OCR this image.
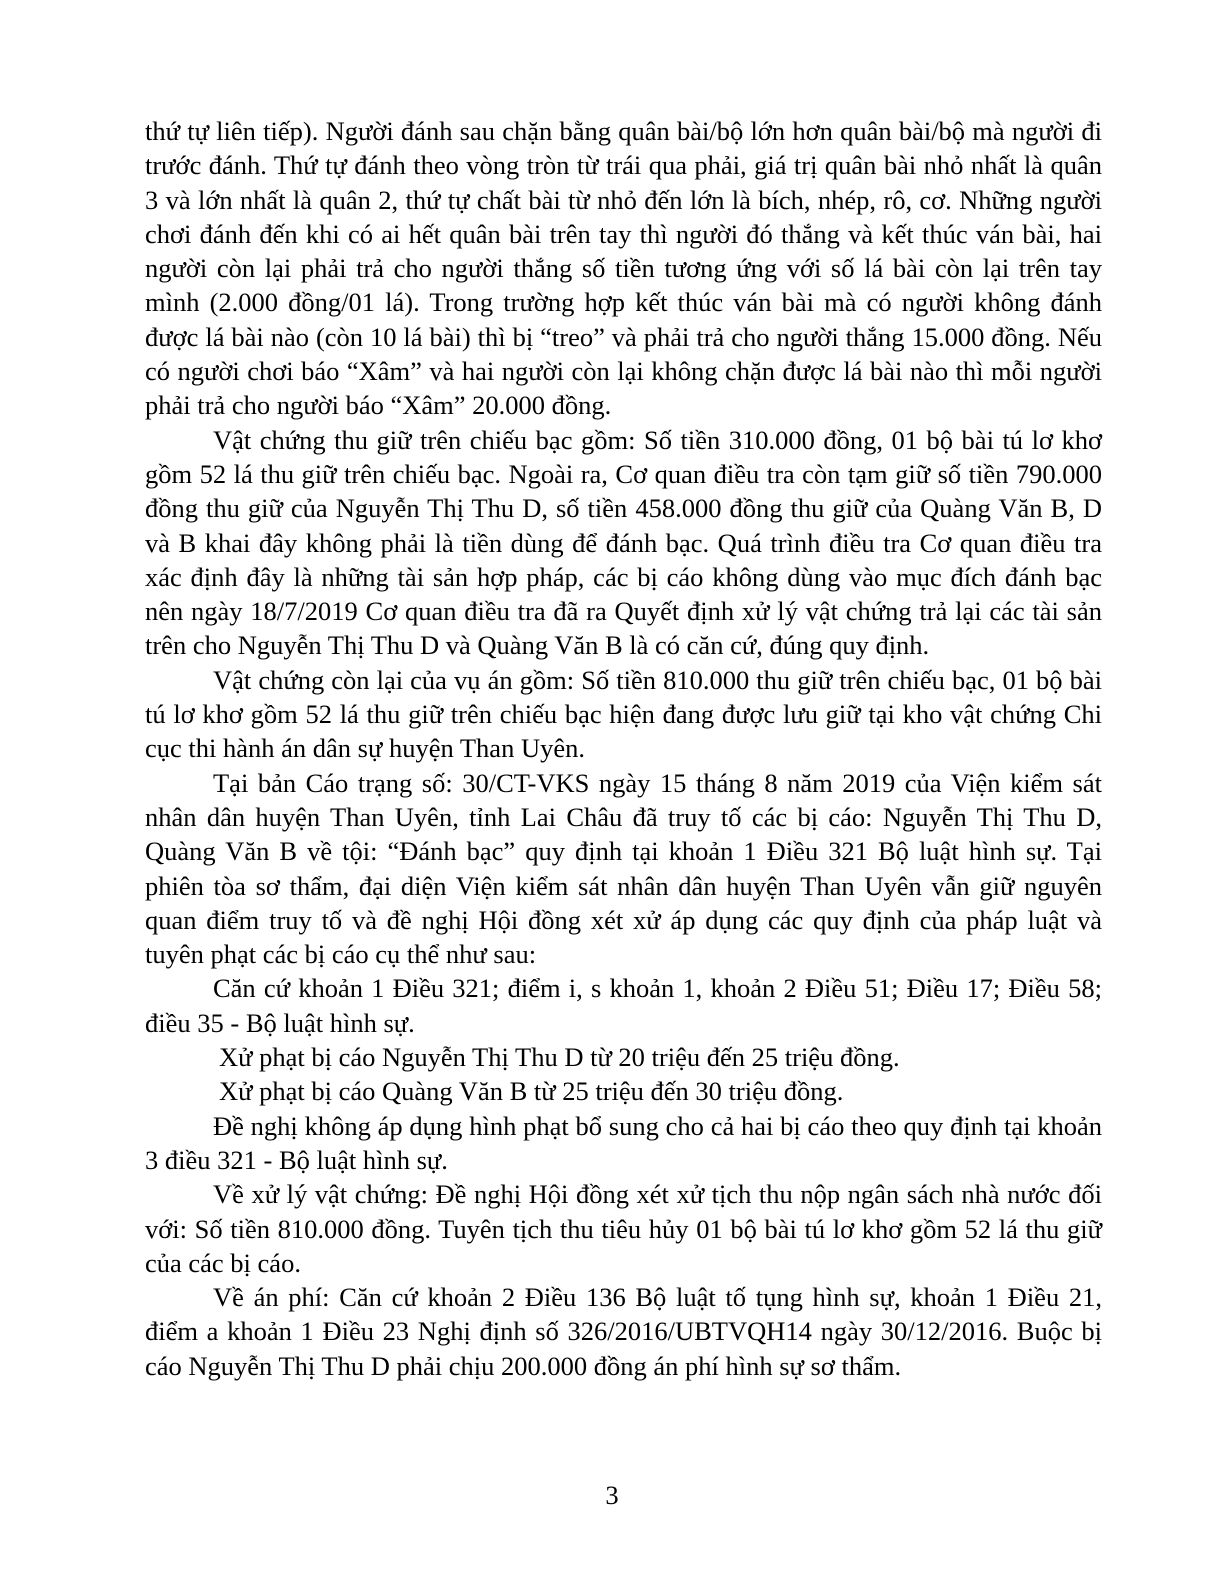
thứ tự liên tiếp). Người đánh sau chặn bằng quân bài/bộ lớn hơn quân bài/bộ mà người đi trước đánh. Thứ tự đánh theo vòng tròn từ trái qua phải, giá trị quân bài nhỏ nhất là quân 3 và lớn nhất là quân 2, thứ tự chất bài từ nhỏ đến lớn là bích, nhép, rô, cơ. Những người chơi đánh đến khi có ai hết quân bài trên tay thì người đó thắng và kết thúc ván bài, hai người còn lại phải trả cho người thắng số tiền tương ứng với số lá bài còn lại trên tay mình (2.000 đồng/01 lá). Trong trường hợp kết thúc ván bài mà có người không đánh được lá bài nào (còn 10 lá bài) thì bị “treo” và phải trả cho người thắng 15.000 đồng. Nếu có người chơi báo “Xâm” và hai người còn lại không chặn được lá bài nào thì mỗi người phải trả cho người báo “Xâm” 20.000 đồng.

Vật chứng thu giữ trên chiếu bạc gồm: Số tiền 310.000 đồng, 01 bộ bài tú lơ khơ gồm 52 lá thu giữ trên chiếu bạc. Ngoài ra, Cơ quan điều tra còn tạm giữ số tiền 790.000 đồng thu giữ của Nguyễn Thị Thu D, số tiền 458.000 đồng thu giữ của Quàng Văn B, D và B khai đây không phải là tiền dùng để đánh bạc. Quá trình điều tra Cơ quan điều tra xác định đây là những tài sản hợp pháp, các bị cáo không dùng vào mục đích đánh bạc nên ngày 18/7/2019 Cơ quan điều tra đã ra Quyết định xử lý vật chứng trả lại các tài sản trên cho Nguyễn Thị Thu D và Quàng Văn B là có căn cứ, đúng quy định.

Vật chứng còn lại của vụ án gồm: Số tiền 810.000 thu giữ trên chiếu bạc, 01 bộ bài tú lơ khơ gồm 52 lá thu giữ trên chiếu bạc hiện đang được lưu giữ tại kho vật chứng Chi cục thi hành án dân sự huyện Than Uyên.

Tại bản Cáo trạng số: 30/CT-VKS ngày 15 tháng 8 năm 2019 của Viện kiểm sát nhân dân huyện Than Uyên, tỉnh Lai Châu đã truy tố các bị cáo: Nguyễn Thị Thu D, Quàng Văn B về tội: “Đánh bạc” quy định tại khoản 1 Điều 321 Bộ luật hình sự. Tại phiên tòa sơ thẩm, đại diện Viện kiểm sát nhân dân huyện Than Uyên vẫn giữ nguyên quan điểm truy tố và đề nghị Hội đồng xét xử áp dụng các quy định của pháp luật và tuyên phạt các bị cáo cụ thể như sau:

Căn cứ khoản 1 Điều 321; điểm i, s khoản 1, khoản 2 Điều 51; Điều 17; Điều 58; điều 35 - Bộ luật hình sự.

Xử phạt bị cáo Nguyễn Thị Thu D từ 20 triệu đến 25 triệu đồng.

Xử phạt bị cáo Quàng Văn B từ 25 triệu đến 30 triệu đồng.

Đề nghị không áp dụng hình phạt bổ sung cho cả hai bị cáo theo quy định tại khoản 3 điều 321 - Bộ luật hình sự.

Về xử lý vật chứng: Đề nghị Hội đồng xét xử tịch thu nộp ngân sách nhà nước đối với: Số tiền 810.000 đồng. Tuyên tịch thu tiêu hủy 01 bộ bài tú lơ khơ gồm 52 lá thu giữ của các bị cáo.

Về án phí: Căn cứ khoản 2 Điều 136 Bộ luật tố tụng hình sự, khoản 1 Điều 21, điểm a khoản 1 Điều 23 Nghị định số 326/2016/UBTVQH14 ngày 30/12/2016. Buộc bị cáo Nguyễn Thị Thu D phải chịu 200.000 đồng án phí hình sự sơ thẩm.

3
